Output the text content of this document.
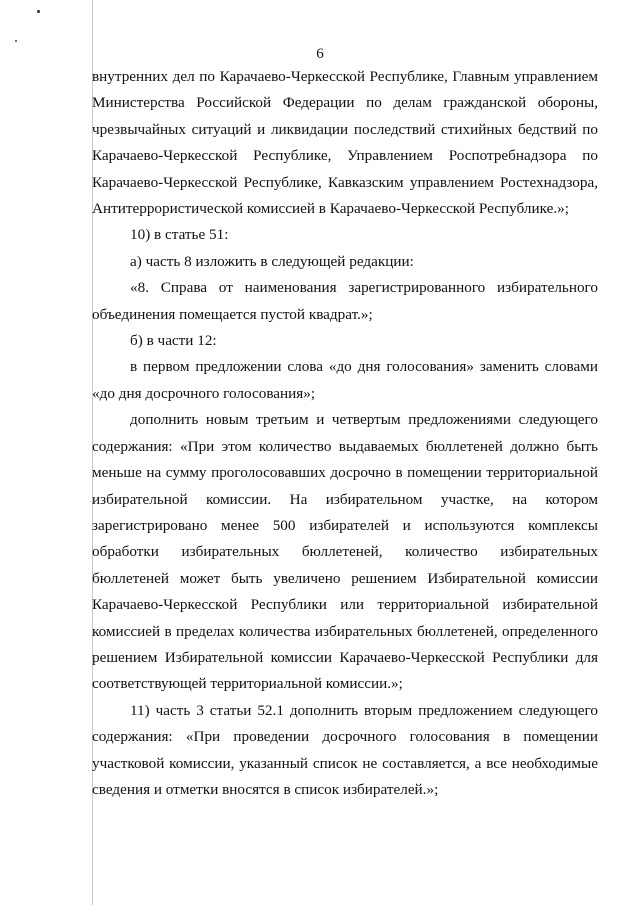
6

внутренних дел по Карачаево-Черкесской Республике, Главным управлением Министерства Российской Федерации по делам гражданской обороны, чрезвычайных ситуаций и ликвидации последствий стихийных бедствий по Карачаево-Черкесской Республике, Управлением Роспотребнадзора по Карачаево-Черкесской Республике, Кавказским управлением Ростехнадзора, Антитеррористической комиссией в Карачаево-Черкесской Республике.»;

10) в статье 51:

а) часть 8 изложить в следующей редакции:

«8. Справа от наименования зарегистрированного избирательного объединения помещается пустой квадрат.»;

б) в части 12:

в первом предложении слова «до дня голосования» заменить словами «до дня досрочного голосования»;

дополнить новым третьим и четвертым предложениями следующего содержания: «При этом количество выдаваемых бюллетеней должно быть меньше на сумму проголосовавших досрочно в помещении территориальной избирательной комиссии. На избирательном участке, на котором зарегистрировано менее 500 избирателей и используются комплексы обработки избирательных бюллетеней, количество избирательных бюллетеней может быть увеличено решением Избирательной комиссии Карачаево-Черкесской Республики или территориальной избирательной комиссией в пределах количества избирательных бюллетеней, определенного решением Избирательной комиссии Карачаево-Черкесской Республики для соответствующей территориальной комиссии.»;

11) часть 3 статьи 52.1 дополнить вторым предложением следующего содержания: «При проведении досрочного голосования в помещении участковой комиссии, указанный список не составляется, а все необходимые сведения и отметки вносятся в список избирателей.»;
